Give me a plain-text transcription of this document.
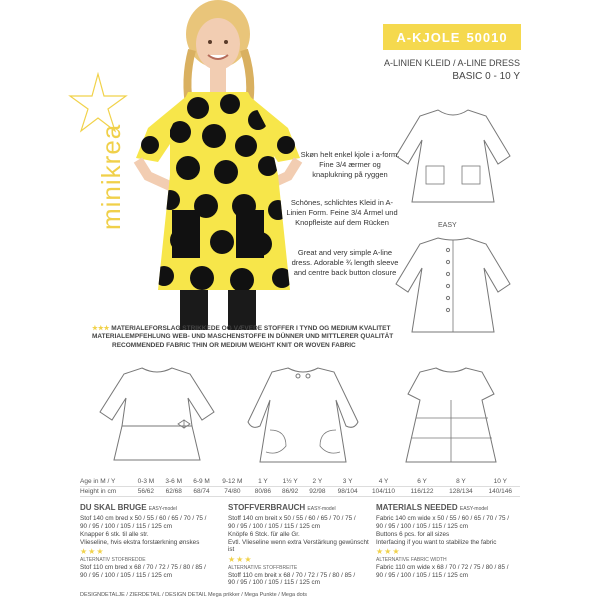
minikrea
A-KJOLE 50010
A-LINIEN KLEID / A-LINE DRESS
BASIC 0 - 10 Y
EASY
Skøn helt enkel kjole i a-form. Fine 3/4 ærmer og knaplukning på ryggen
Schönes, schlichtes Kleid in A-Linien Form. Feine 3/4 Ärmel und Knopfleiste auf dem Rücken
Great and very simple A-line dress. Adorable ¾ length sleeve and centre back button closure
★★★ MATERIALEFORSLAG STRIKKEDE OG VÆVEDE STOFFER I TYND OG MEDIUM KVALITET
MATERIALEMPFEHLUNG WEB- UND MASCHENSTOFFE IN DÜNNER UND MITTLERER QUALITÄT
RECOMMENDED FABRIC THIN OR MEDIUM WEIGHT KNIT OR WOVEN FABRIC
Age in M / Y	0-3 M	3-6 M	6-9 M	9-12 M	1 Y	1½ Y	2 Y	3 Y	4 Y	6 Y	8 Y	10 Y
Height in cm	56/62	62/68	68/74	74/80	80/86	86/92	92/98	98/104	104/110	116/122	128/134	140/146
DU SKAL BRUGE EASY-model
Stof 140 cm bred x 50 / 55 / 60 / 65 / 70 / 75 /
90 / 95 / 100 / 105 / 115 / 125 cm
Knapper 6 stk. til alle str.
Vlieseline, hvis ekstra forstærkning ønskes
★★★
ALTERNATIV STOFBREDDE
Stof 110 cm bred x 68 / 70 / 72 / 75 / 80 / 85 /
90 / 95 / 100 / 105 / 115 / 125 cm
STOFFVERBRAUCH EASY-model
Stoff 140 cm breit x 50 / 55 / 60 / 65 / 70 / 75 /
90 / 95 / 100 / 105 / 115 / 125 cm
Knöpfe 6 Stck. für alle Gr.
Evtl. Vlieseline wenn extra Verstärkung gewünscht ist
★★★
ALTERNATIVE STOFFBREITE
Stoff 110 cm breit x 68 / 70 / 72 / 75 / 80 / 85 /
90 / 95 / 100 / 105 / 115 / 125 cm
MATERIALS NEEDED EASY-model
Fabric 140 cm wide x 50 / 55 / 60 / 65 / 70 / 75 /
90 / 95 / 100 / 105 / 115 / 125 cm
Buttons 6 pcs. for all sizes
Interfacing if you want to stabilize the fabric
★★★
ALTERNATIVE FABRIC WIDTH
Fabric 110 cm wide x 68 / 70 / 72 / 75 / 80 / 85 /
90 / 95 / 100 / 105 / 115 / 125 cm
DESIGNDETALJE / ZIERDETAIL / DESIGN DETAIL Mega prikker / Mega Punkte / Mega dots
